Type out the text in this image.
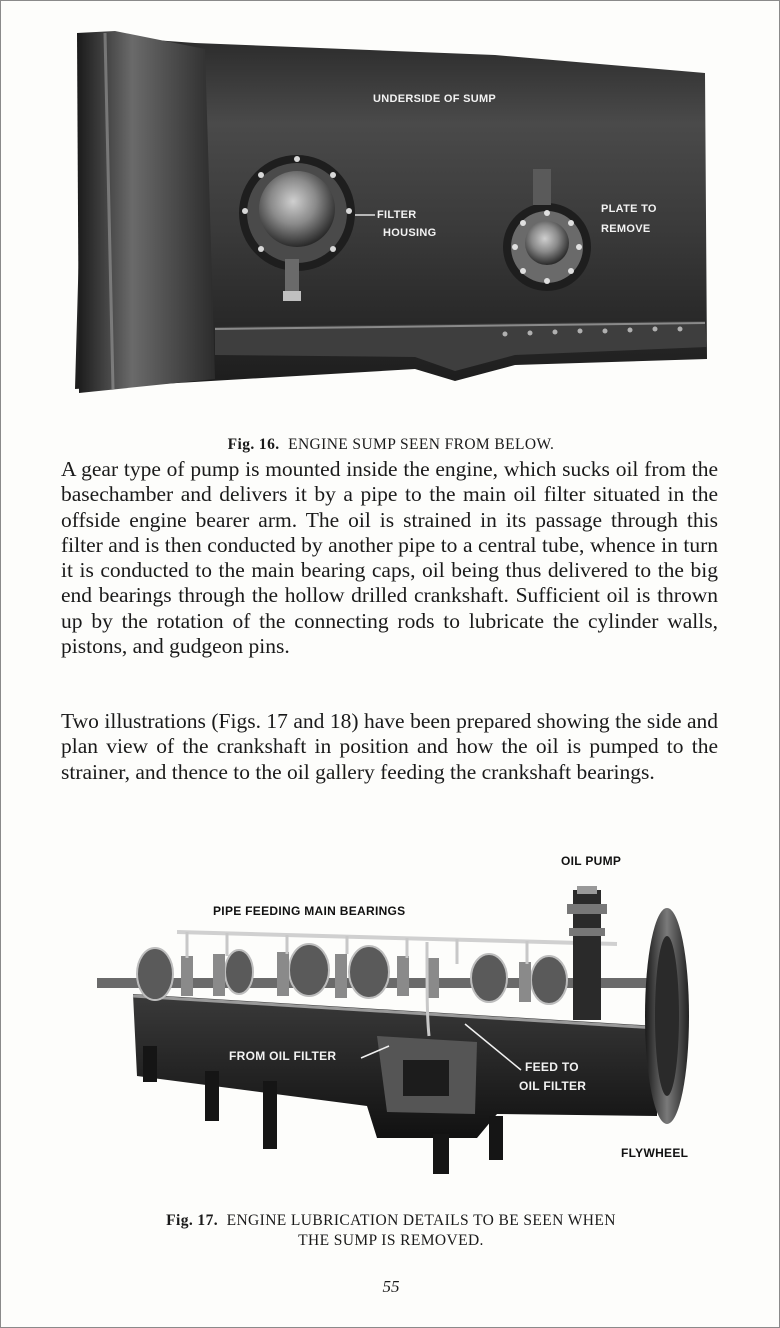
UNDERSIDE OF SUMP
FILTER
HOUSING
PLATE TO
REMOVE
Fig. 16. ENGINE SUMP SEEN FROM BELOW.

A gear type of pump is mounted inside the engine, which sucks oil from the basechamber and delivers it by a pipe to the main oil filter situated in the offside engine bearer arm. The oil is strained in its passage through this filter and is then conducted by another pipe to a central tube, whence in turn it is conducted to the main bearing caps, oil being thus delivered to the big end bearings through the hollow drilled crankshaft. Sufficient oil is thrown up by the rotation of the connecting rods to lubricate the cylinder walls, pistons, and gudgeon pins.

Two illustrations (Figs. 17 and 18) have been prepared showing the side and plan view of the crankshaft in position and how the oil is pumped to the strainer, and thence to the oil gallery feeding the crankshaft bearings.

OIL PUMP
PIPE FEEDING MAIN BEARINGS
FROM OIL FILTER
FEED TO
OIL FILTER
FLYWHEEL
Fig. 17. ENGINE LUBRICATION DETAILS TO BE SEEN WHEN
THE SUMP IS REMOVED.
55
